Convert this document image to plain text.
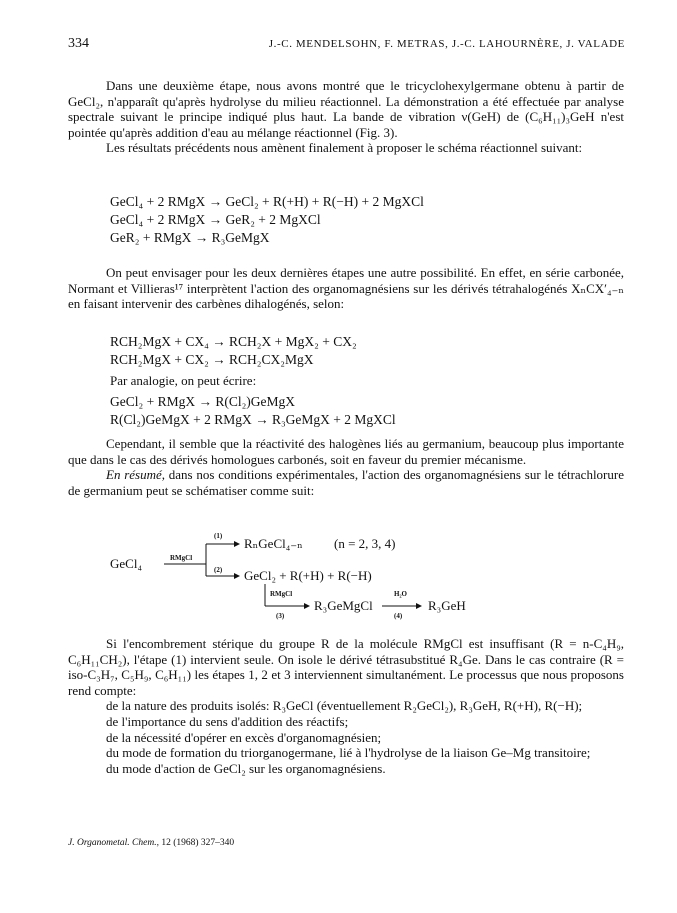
334	J.-C. MENDELSOHN, F. METRAS, J.-C. LAHOURNÈRE, J. VALADE

Dans une deuxième étape, nous avons montré que le tricyclohexylgermane obtenu à partir de GeCl₂, n'apparaît qu'après hydrolyse du milieu réactionnel. La démonstration a été effectuée par analyse spectrale suivant le principe indiqué plus haut. La bande de vibration ν(GeH) de (C₆H₁₁)₃GeH n'est pointée qu'après addition d'eau au mélange réactionnel (Fig. 3).

Les résultats précédents nous amènent finalement à proposer le schéma réactionnel suivant:

GeCl₄ + 2 RMgX → GeCl₂ + R(+H) + R(−H) + 2 MgXCl
GeCl₄ + 2 RMgX → GeR₂ + 2 MgXCl
GeR₂ + RMgX → R₃GeMgX

On peut envisager pour les deux dernières étapes une autre possibilité. En effet, en série carbonée, Normant et Villieras¹⁷ interprètent l'action des organomagnésiens sur les dérivés tétrahalogénés XₙCX′₄₋ₙ en faisant intervenir des carbènes dihalogénés, selon:

RCH₂MgX + CX₄ → RCH₂X + MgX₂ + CX₂
RCH₂MgX + CX₂ → RCH₂CX₂MgX

Par analogie, on peut écrire:

GeCl₂ + RMgX → R(Cl₂)GeMgX
R(Cl₂)GeMgX + 2 RMgX → R₃GeMgX + 2 MgXCl

Cependant, il semble que la réactivité des halogènes liés au germanium, beaucoup plus importante que dans le cas des dérivés homologues carbonés, soit en faveur du premier mécanisme.

En résumé, dans nos conditions expérimentales, l'action des organomagnésiens sur le tétrachlorure de germanium peut se schématiser comme suit:

GeCl₄	RMgCl
(1)
(2)
RₙGeCl₄₋ₙ (n = 2, 3, 4)
GeCl₂ + R(+H) + R(−H)
RMgCl
(3)
R₃GeMgCl
H₂O
(4)
R₃GeH

Si l'encombrement stérique du groupe R de la molécule RMgCl est insuffisant (R = n-C₄H₉, C₆H₁₁CH₂), l'étape (1) intervient seule. On isole le dérivé tétrasubstitué R₄Ge. Dans le cas contraire (R = iso-C₃H₇, C₅H₉, C₆H₁₁) les étapes 1, 2 et 3 interviennent simultanément. Le processus que nous proposons rend compte:

de la nature des produits isolés: R₃GeCl (éventuellement R₂GeCl₂), R₃GeH, R(+H), R(−H);

de l'importance du sens d'addition des réactifs;

de la nécessité d'opérer en excès d'organomagnésien;

du mode de formation du triorganogermane, lié à l'hydrolyse de la liaison Ge–Mg transitoire;

du mode d'action de GeCl₂ sur les organomagnésiens.

J. Organometal. Chem., 12 (1968) 327–340
